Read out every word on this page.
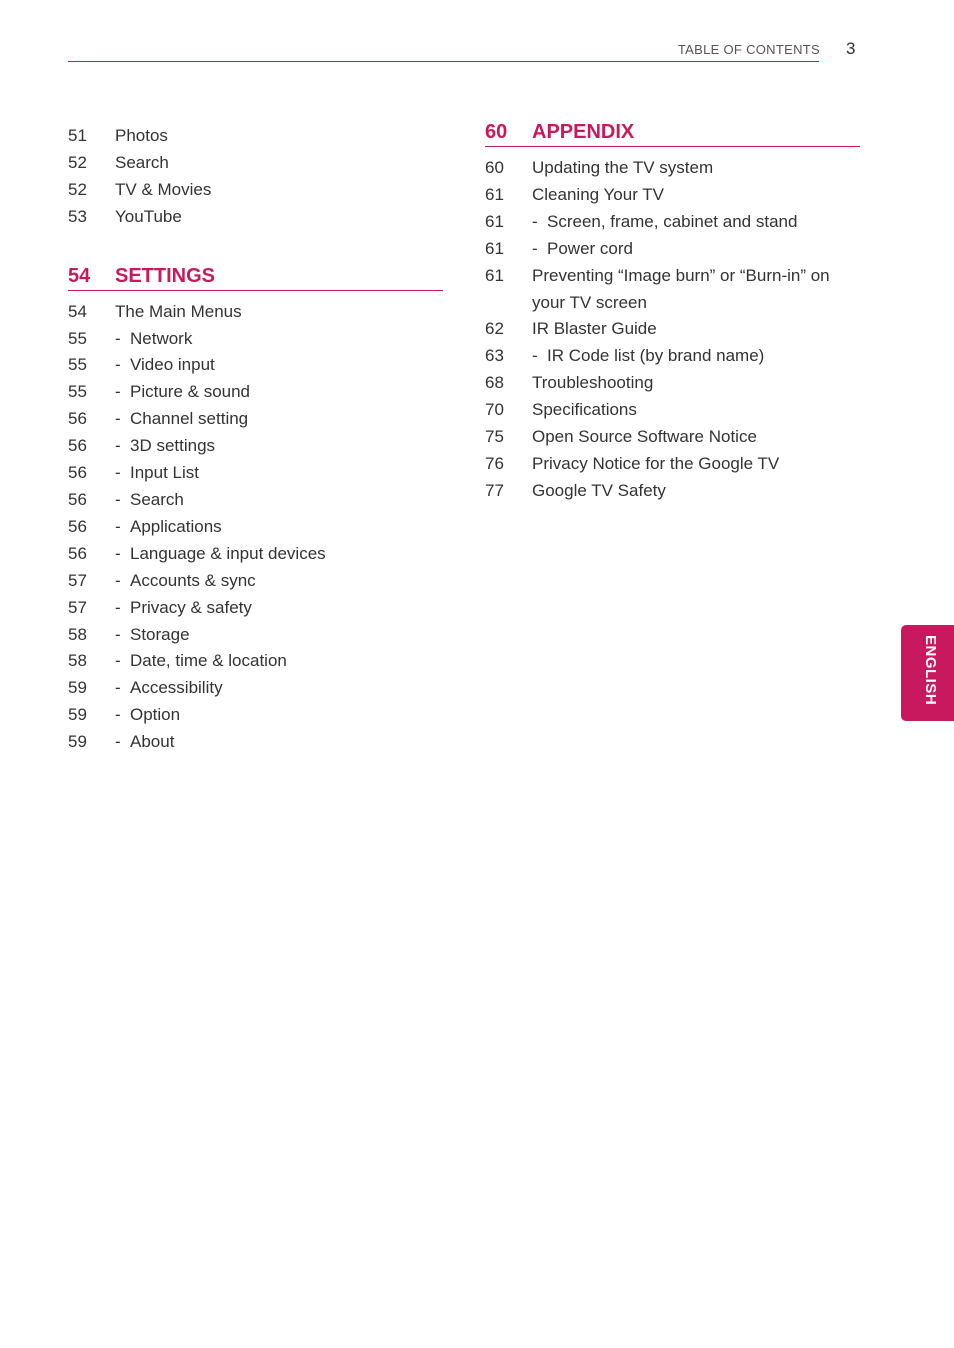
TABLE OF CONTENTS 3
51	Photos
52	Search
52	TV & Movies
53	YouTube
54	SETTINGS
54	The Main Menus
55	- Network
55	- Video input
55	- Picture & sound
56	- Channel setting
56	- 3D settings
56	- Input List
56	- Search
56	- Applications
56	- Language & input devices
57	- Accounts & sync
57	- Privacy & safety
58	- Storage
58	- Date, time & location
59	- Accessibility
59	- Option
59	- About
60	APPENDIX
60	Updating the TV system
61	Cleaning Your TV
61	- Screen, frame, cabinet and stand
61	- Power cord
61	Preventing “Image burn” or “Burn-in” on your TV screen
62	IR Blaster Guide
63	- IR Code list (by brand name)
68	Troubleshooting
70	Specifications
75	Open Source Software Notice
76	Privacy Notice for the Google TV
77	Google TV Safety
ENGLISH
